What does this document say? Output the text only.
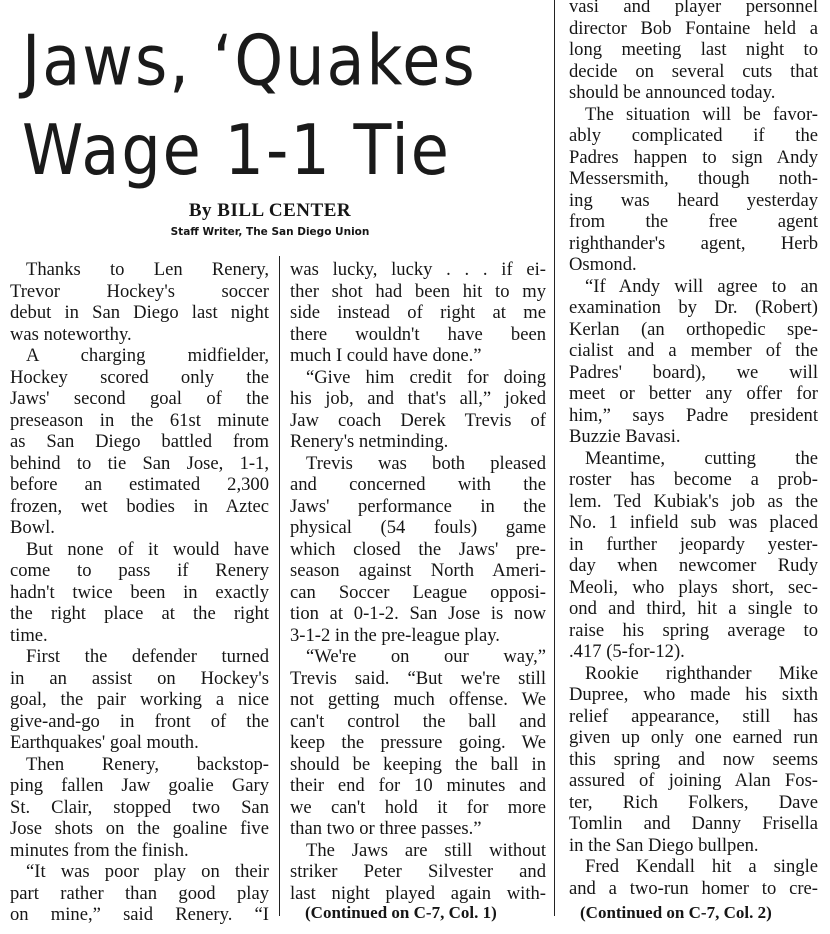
Jaws, ‘Quakes
Wage 1-1 Tie
By BILL CENTER
Staff Writer, The San Diego Union
Thanks to Len Renery,
Trevor Hockey's soccer
debut in San Diego last night
was noteworthy.
A charging midfielder,
Hockey scored only the
Jaws' second goal of the
preseason in the 61st minute
as San Diego battled from
behind to tie San Jose, 1-1,
before an estimated 2,300
frozen, wet bodies in Aztec
Bowl.
But none of it would have
come to pass if Renery
hadn't twice been in exactly
the right place at the right
time.
First the defender turned
in an assist on Hockey's
goal, the pair working a nice
give-and-go in front of the
Earthquakes' goal mouth.
Then Renery, backstop-
ping fallen Jaw goalie Gary
St. Clair, stopped two San
Jose shots on the goaline five
minutes from the finish.
“It was poor play on their
part rather than good play
on mine,” said Renery. “I
was lucky, lucky . . . if ei-
ther shot had been hit to my
side instead of right at me
there wouldn't have been
much I could have done.”
“Give him credit for doing
his job, and that's all,” joked
Jaw coach Derek Trevis of
Renery's netminding.
Trevis was both pleased
and concerned with the
Jaws' performance in the
physical (54 fouls) game
which closed the Jaws' pre-
season against North Ameri-
can Soccer League opposi-
tion at 0-1-2. San Jose is now
3-1-2 in the pre-league play.
“We're on our way,”
Trevis said. “But we're still
not getting much offense. We
can't control the ball and
keep the pressure going. We
should be keeping the ball in
their end for 10 minutes and
we can't hold it for more
than two or three passes.”
The Jaws are still without
striker Peter Silvester and
last night played again with-
vasi and player personnel
director Bob Fontaine held a
long meeting last night to
decide on several cuts that
should be announced today.
The situation will be favor-
ably complicated if the
Padres happen to sign Andy
Messersmith, though noth-
ing was heard yesterday
from the free agent
righthander's agent, Herb
Osmond.
“If Andy will agree to an
examination by Dr. (Robert)
Kerlan (an orthopedic spe-
cialist and a member of the
Padres' board), we will
meet or better any offer for
him,” says Padre president
Buzzie Bavasi.
Meantime, cutting the
roster has become a prob-
lem. Ted Kubiak's job as the
No. 1 infield sub was placed
in further jeopardy yester-
day when newcomer Rudy
Meoli, who plays short, sec-
ond and third, hit a single to
raise his spring average to
.417 (5-for-12).
Rookie righthander Mike
Dupree, who made his sixth
relief appearance, still has
given up only one earned run
this spring and now seems
assured of joining Alan Fos-
ter, Rich Folkers, Dave
Tomlin and Danny Frisella
in the San Diego bullpen.
Fred Kendall hit a single
and a two-run homer to cre-
(Continued on C-7, Col. 1)	(Continued on C-7, Col. 2)
